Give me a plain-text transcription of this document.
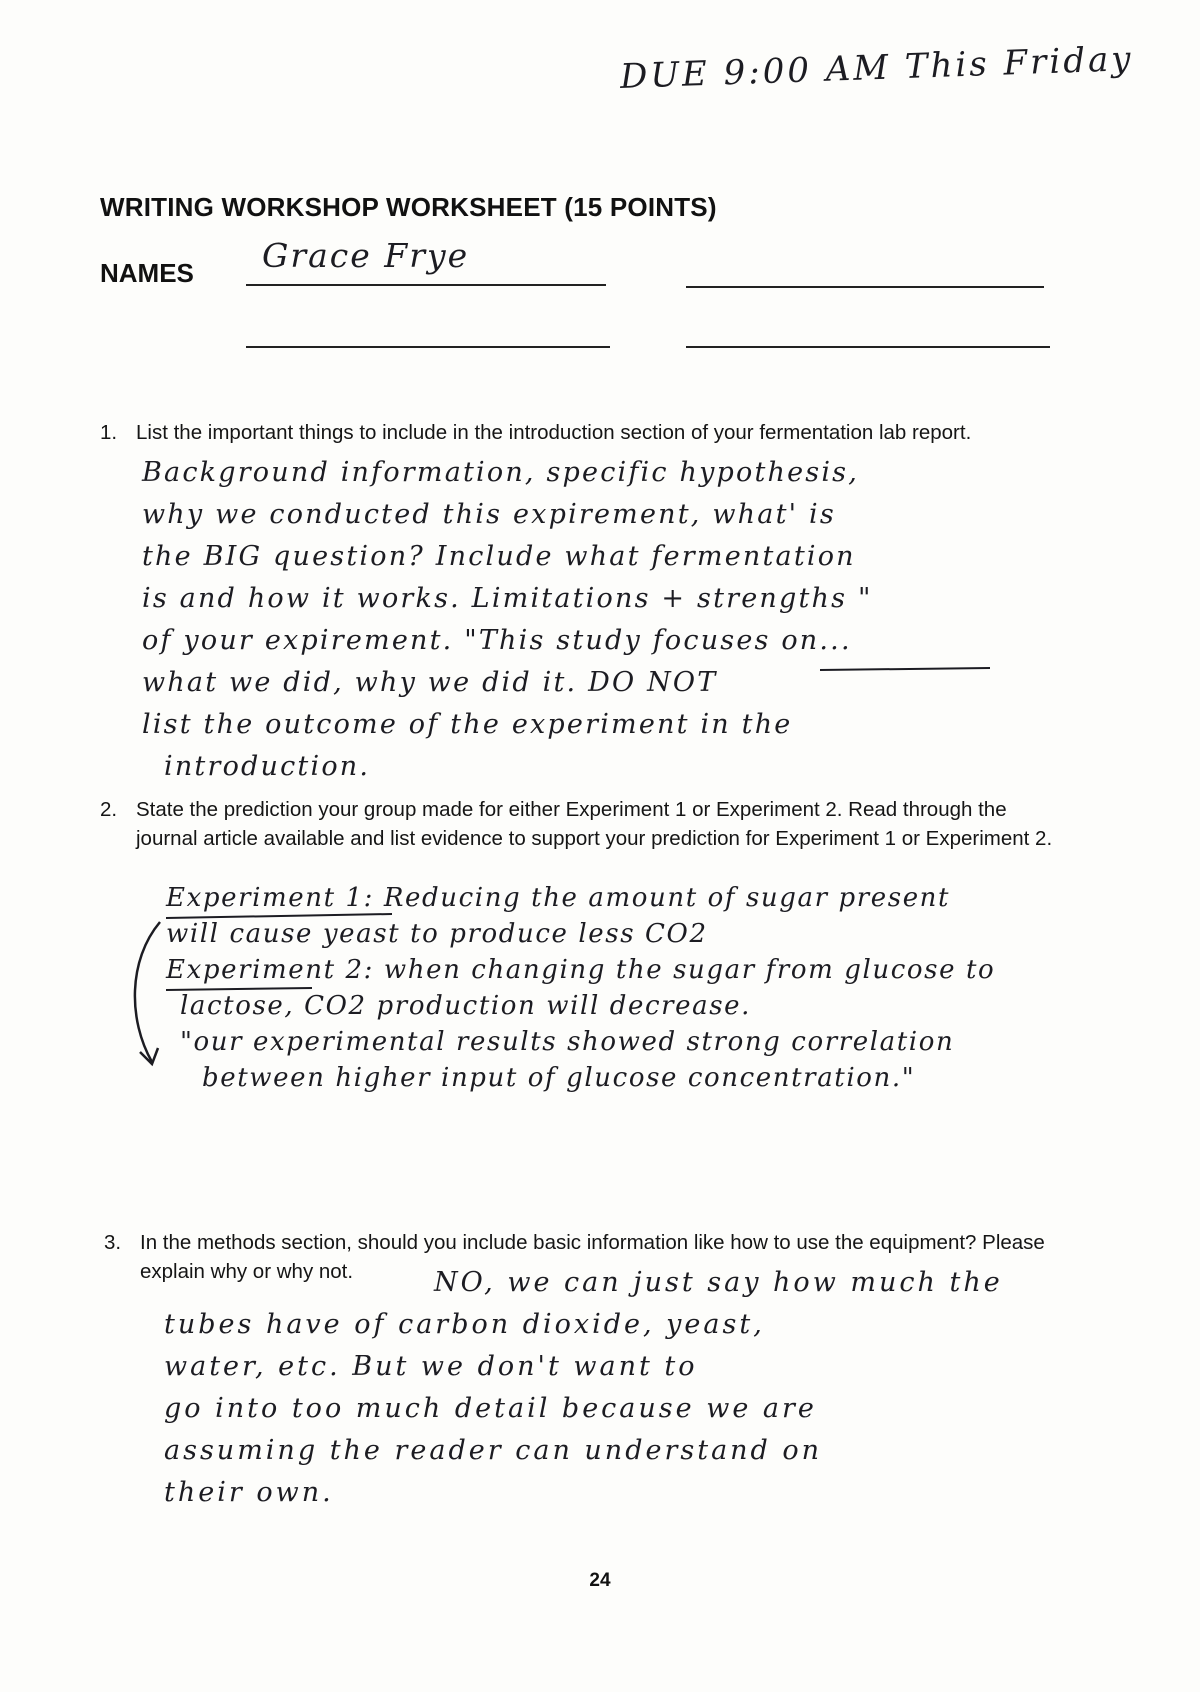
DUE 9:00 AM This Friday
WRITING WORKSHOP WORKSHEET (15 POINTS)
NAMES Grace Frye
1. List the important things to include in the introduction section of your fermentation lab report.
Background information, specific hypothesis,
why we conducted this expirement, what' is
the BIG question? Include what fermentation
is and how it works. Limitations + strengths "
of your expirement. "This study focuses on...
what we did, why we did it. DO NOT
list the outcome of the experiment in the
introduction.
2. State the prediction your group made for either Experiment 1 or Experiment 2. Read through the journal article available and list evidence to support your prediction for Experiment 1 or Experiment 2.
Experiment 1: Reducing the amount of sugar present
will cause yeast to produce less CO2
Experiment 2: when changing the sugar from glucose to
lactose, CO2 production will decrease.
"our experimental results showed strong correlation
between higher input of glucose concentration."
3. In the methods section, should you include basic information like how to use the equipment? Please explain why or why not.	NO, we can just say how much the
tubes have of carbon dioxide, yeast,
water, etc. But we don't want to
go into too much detail because we are
assuming the reader can understand on
their own.
24
